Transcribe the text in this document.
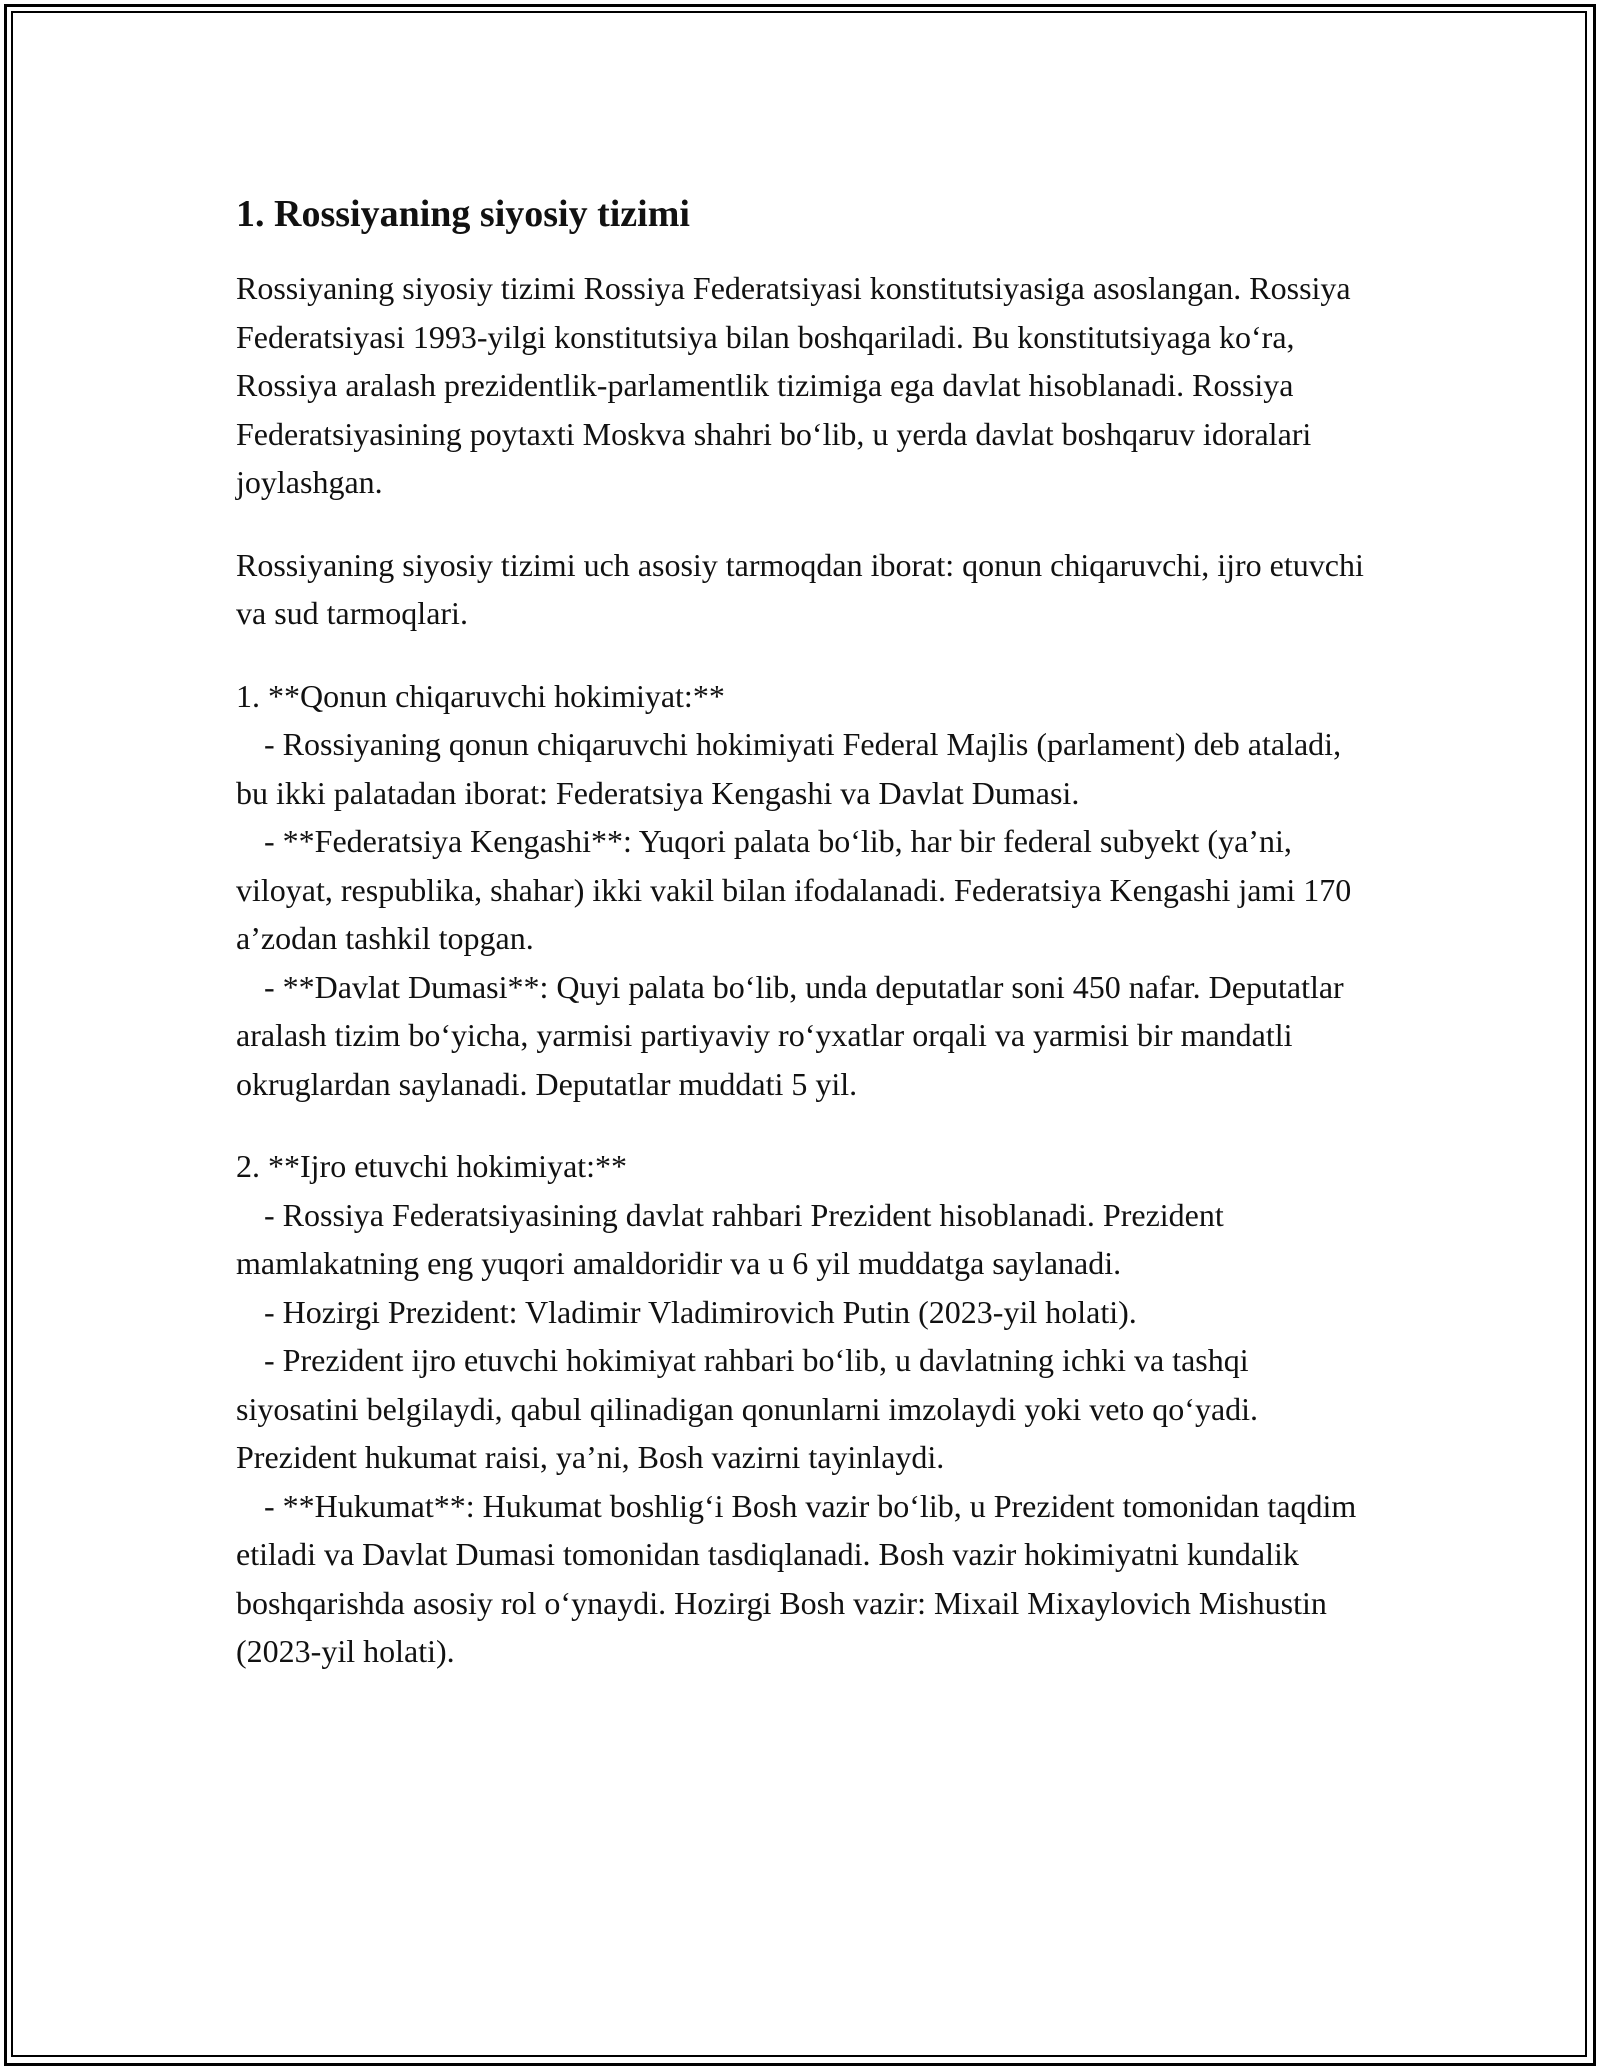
1. Rossiyaning siyosiy tizimi

Rossiyaning siyosiy tizimi Rossiya Federatsiyasi konstitutsiyasiga asoslangan. Rossiya Federatsiyasi 1993-yilgi konstitutsiya bilan boshqariladi. Bu konstitutsiyaga ko‘ra, Rossiya aralash prezidentlik-parlamentlik tizimiga ega davlat hisoblanadi. Rossiya Federatsiyasining poytaxti Moskva shahri bo‘lib, u yerda davlat boshqaruv idoralari joylashgan.

Rossiyaning siyosiy tizimi uch asosiy tarmoqdan iborat: qonun chiqaruvchi, ijro etuvchi va sud tarmoqlari.

1. **Qonun chiqaruvchi hokimiyat:**
- Rossiyaning qonun chiqaruvchi hokimiyati Federal Majlis (parlament) deb ataladi, bu ikki palatadan iborat: Federatsiya Kengashi va Davlat Dumasi.
- **Federatsiya Kengashi**: Yuqori palata bo‘lib, har bir federal subyekt (ya’ni, viloyat, respublika, shahar) ikki vakil bilan ifodalanadi. Federatsiya Kengashi jami 170 a’zodan tashkil topgan.
- **Davlat Dumasi**: Quyi palata bo‘lib, unda deputatlar soni 450 nafar. Deputatlar aralash tizim bo‘yicha, yarmisi partiyaviy ro‘yxatlar orqali va yarmisi bir mandatli okruglardan saylanadi. Deputatlar muddati 5 yil.
2. **Ijro etuvchi hokimiyat:**
- Rossiya Federatsiyasining davlat rahbari Prezident hisoblanadi. Prezident mamlakatning eng yuqori amaldoridir va u 6 yil muddatga saylanadi.
- Hozirgi Prezident: Vladimir Vladimirovich Putin (2023-yil holati).
- Prezident ijro etuvchi hokimiyat rahbari bo‘lib, u davlatning ichki va tashqi siyosatini belgilaydi, qabul qilinadigan qonunlarni imzolaydi yoki veto qo‘yadi. Prezident hukumat raisi, ya’ni, Bosh vazirni tayinlaydi.
- **Hukumat**: Hukumat boshlig‘i Bosh vazir bo‘lib, u Prezident tomonidan taqdim etiladi va Davlat Dumasi tomonidan tasdiqlanadi. Bosh vazir hokimiyatni kundalik boshqarishda asosiy rol o‘ynaydi. Hozirgi Bosh vazir: Mixail Mixaylovich Mishustin (2023-yil holati).
